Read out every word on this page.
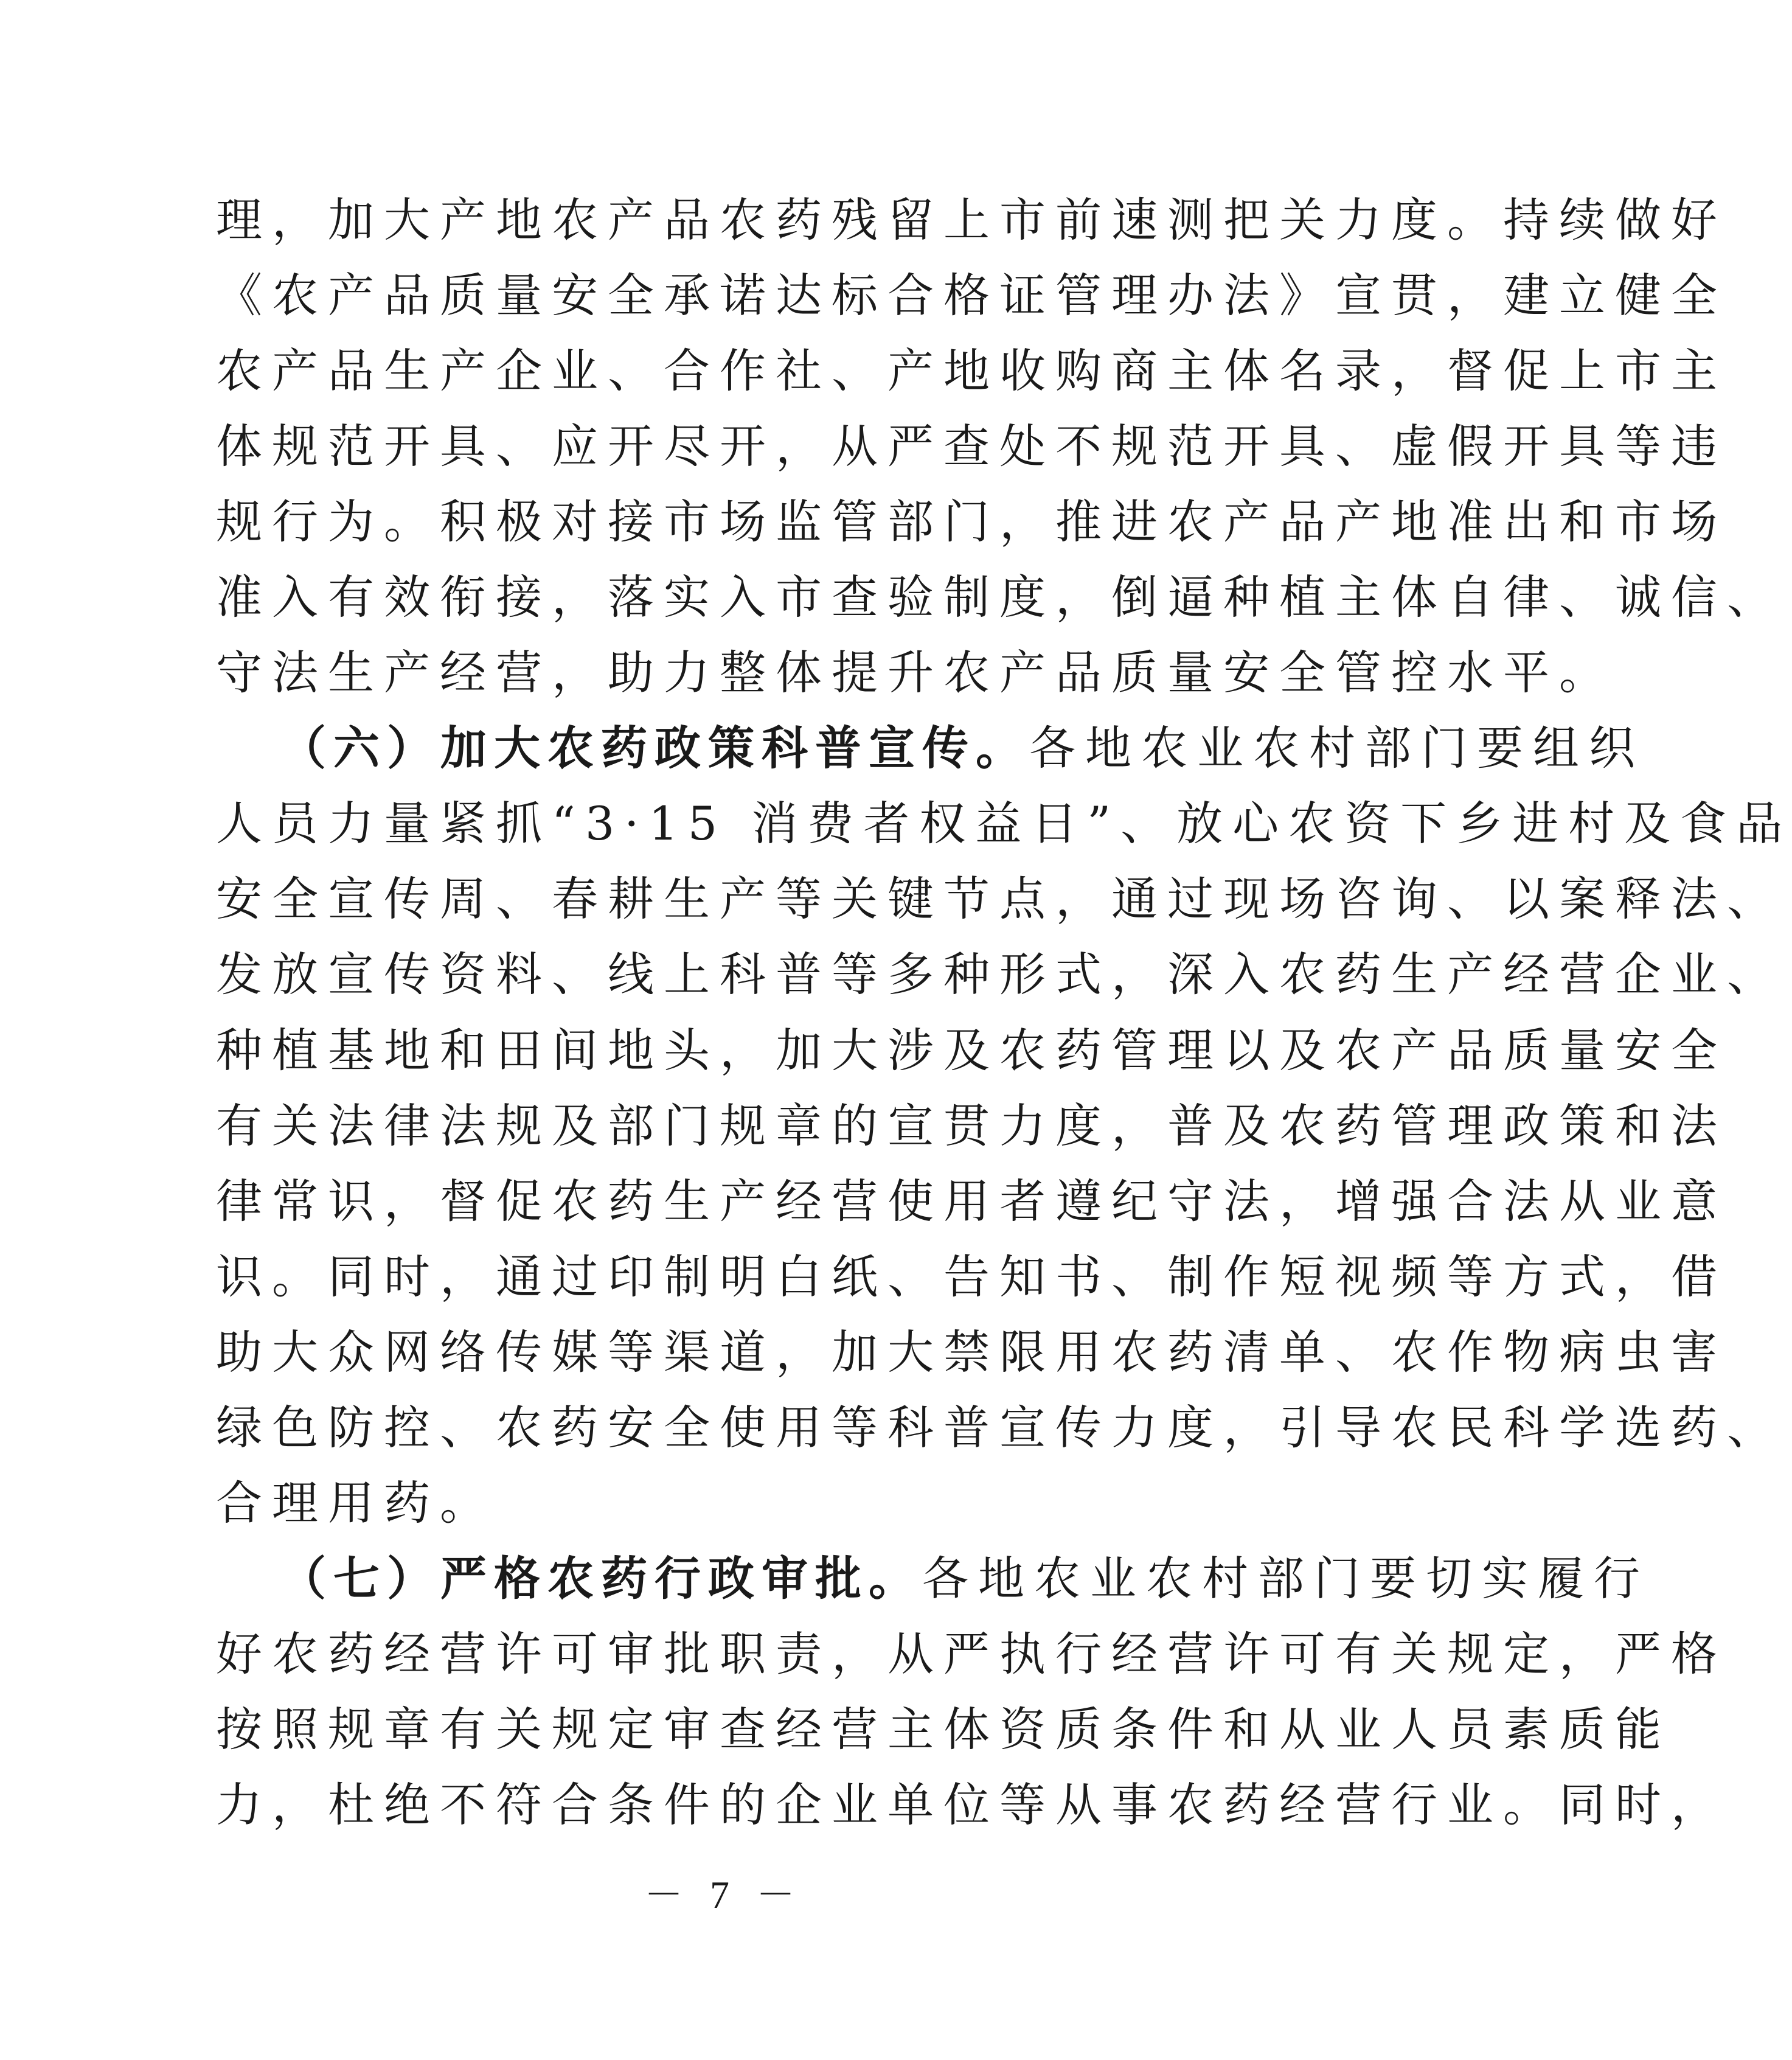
理，加大产地农产品农药残留上市前速测把关力度。持续做好
《农产品质量安全承诺达标合格证管理办法》宣贯，建立健全
农产品生产企业、合作社、产地收购商主体名录，督促上市主
体规范开具、应开尽开，从严查处不规范开具、虚假开具等违
规行为。积极对接市场监管部门，推进农产品产地准出和市场
准入有效衔接，落实入市查验制度，倒逼种植主体自律、诚信、
守法生产经营，助力整体提升农产品质量安全管控水平。
（六）加大农药政策科普宣传。各地农业农村部门要组织
人员力量紧抓“3·15 消费者权益日”、放心农资下乡进村及食品
安全宣传周、春耕生产等关键节点，通过现场咨询、以案释法、
发放宣传资料、线上科普等多种形式，深入农药生产经营企业、
种植基地和田间地头，加大涉及农药管理以及农产品质量安全
有关法律法规及部门规章的宣贯力度，普及农药管理政策和法
律常识，督促农药生产经营使用者遵纪守法，增强合法从业意
识。同时，通过印制明白纸、告知书、制作短视频等方式，借
助大众网络传媒等渠道，加大禁限用农药清单、农作物病虫害
绿色防控、农药安全使用等科普宣传力度，引导农民科学选药、
合理用药。
（七）严格农药行政审批。各地农业农村部门要切实履行
好农药经营许可审批职责，从严执行经营许可有关规定，严格
按照规章有关规定审查经营主体资质条件和从业人员素质能
力，杜绝不符合条件的企业单位等从事农药经营行业。同时，
－ 7 －
